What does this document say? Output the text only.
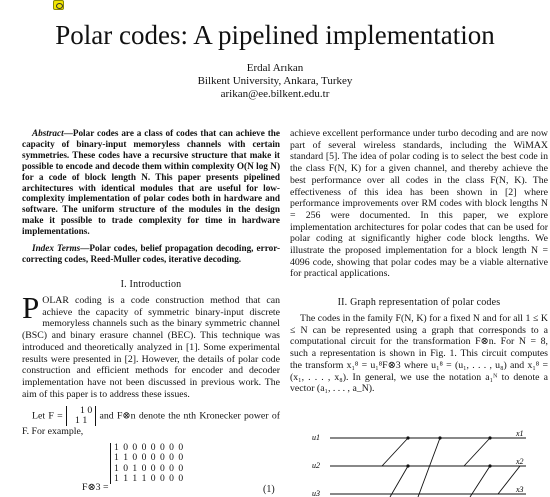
Polar codes: A pipelined implementation
Erdal Arıkan
Bilkent University, Ankara, Turkey
arikan@ee.bilkent.edu.tr

Abstract—Polar codes are a class of codes that can achieve the capacity of binary-input memoryless channels with certain symmetries. These codes have a recursive structure that make it possible to encode and decode them within complexity O(N log N) for a code of block length N. This paper presents pipelined architectures with identical modules that are useful for low-complexity implementation of polar codes both in hardware and software. The uniform structure of the modules in the design make it possible to trade complexity for time in hardware implementations.

Index Terms—Polar codes, belief propagation decoding, error-correcting codes, Reed-Muller codes, iterative decoding.

I. Introduction

POLAR coding is a code construction method that can achieve the capacity of symmetric binary-input discrete memoryless channels such as the binary symmetric channel (BSC) and binary erasure channel (BEC). This technique was introduced and theoretically analyzed in [1]. Some experimental results were presented in [2]. However, the details of polar code construction and efficient methods for encoder and decoder implementation have not been discussed in previous work. The aim of this paper is to address these issues.

Let F = 1 0
1 1 and F⊗n denote the nth Kronecker power of F. For example,

F⊗3 =
1 0 0 0 0 0 0 0
1 1 0 0 0 0 0 0
1 0 1 0 0 0 0 0
1 1 1 1 0 0 0 0
(1)

achieve excellent performance under turbo decoding and are now part of several wireless standards, including the WiMAX standard [5]. The idea of polar coding is to select the best code in the class F(N, K) for a given channel, and thereby achieve the best performance over all codes in the class F(N, K). The effectiveness of this idea has been shown in [2] where performance improvements over RM codes with block lengths N = 256 were documented. In this paper, we explore implementation architectures for polar codes that can be used for polar coding at significantly higher code block lengths. We illustrate the proposed implementation for a block length N = 4096 code, showing that polar codes may be a viable alternative for practical applications.

II. Graph representation of polar codes

The codes in the family F(N, K) for a fixed N and for all 1 ≤ K ≤ N can be represented using a graph that corresponds to a computational circuit for the transformation F⊗n. For N = 8, such a representation is shown in Fig. 1. This circuit computes the transform x₁⁸ = u₁⁸F⊗3 where u₁⁸ = (u₁, . . . , u₈) and x₁⁸ = (x₁, . . . , x₈). In general, we use the notation a₁ᴺ to denote a vector (a₁, . . . , a_N).

u1
u2
u3
x1
x2
x3
